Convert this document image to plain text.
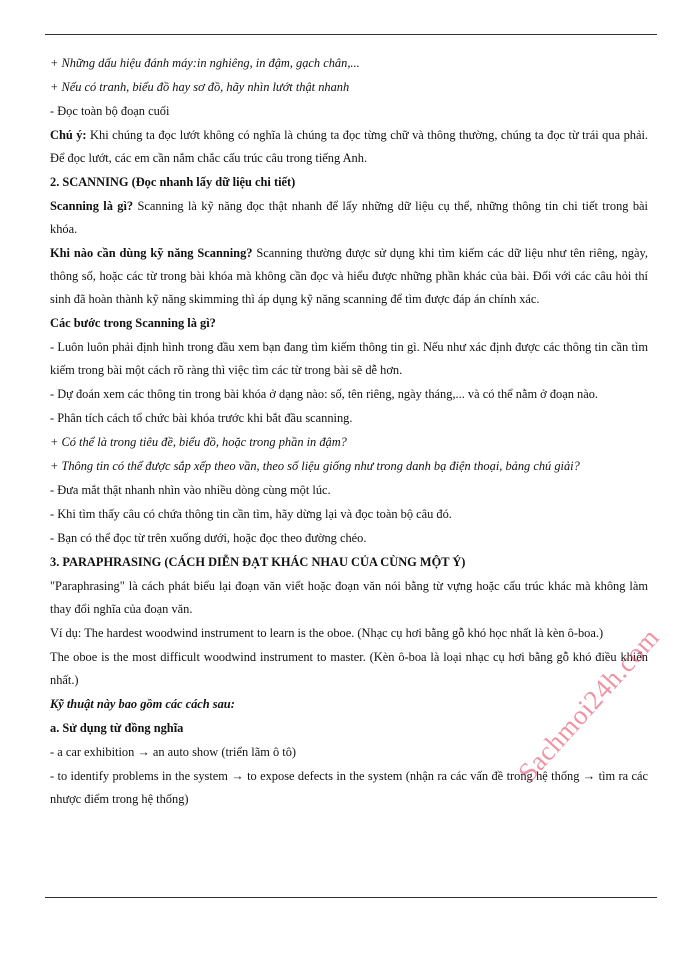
+ Những dấu hiệu đánh máy:in nghiêng, in đậm, gạch chân,...

+ Nếu có tranh, biểu đồ hay sơ đồ, hãy nhìn lướt thật nhanh

- Đọc toàn bộ đoạn cuối

Chú ý: Khi chúng ta đọc lướt không có nghĩa là chúng ta đọc từng chữ và thông thường, chúng ta đọc từ trái qua phải. Để đọc lướt, các em cần nắm chắc cấu trúc câu trong tiếng Anh.

2. SCANNING (Đọc nhanh lấy dữ liệu chi tiết)

Scanning là gì? Scanning là kỹ năng đọc thật nhanh để lấy những dữ liệu cụ thể, những thông tin chi tiết trong bài khóa.

Khi nào cần dùng kỹ năng Scanning? Scanning thường được sử dụng khi tìm kiếm các dữ liệu như tên riêng, ngày, thông số, hoặc các từ trong bài khóa mà không cần đọc và hiểu được những phần khác của bài. Đối với các câu hỏi thí sinh đã hoàn thành kỹ năng skimming thì áp dụng kỹ năng scanning để tìm được đáp án chính xác.

Các bước trong Scanning là gì?

- Luôn luôn phải định hình trong đầu xem bạn đang tìm kiếm thông tin gì. Nếu như xác định được các thông tin cần tìm kiếm trong bài một cách rõ ràng thì việc tìm các từ trong bài sẽ dễ hơn.

- Dự đoán xem các thông tin trong bài khóa ở dạng nào: số, tên riêng, ngày tháng,... và có thể nằm ở đoạn nào.

- Phân tích cách tổ chức bài khóa trước khi bắt đầu scanning.

+ Có thể là trong tiêu đề, biểu đồ, hoặc trong phần in đậm?

+ Thông tin có thể được sắp xếp theo vần, theo số liệu giống như trong danh bạ điện thoại, bảng chú giải?

- Đưa mắt thật nhanh nhìn vào nhiều dòng cùng một lúc.

- Khi tìm thấy câu có chứa thông tin cần tìm, hãy dừng lại và đọc toàn bộ câu đó.

- Bạn có thể đọc từ trên xuống dưới, hoặc đọc theo đường chéo.

3. PARAPHRASING (CÁCH DIỄN ĐẠT KHÁC NHAU CỦA CÙNG MỘT Ý)

"Paraphrasing" là cách phát biểu lại đoạn văn viết hoặc đoạn văn nói bằng từ vựng hoặc cấu trúc khác mà không làm thay đổi nghĩa của đoạn văn.

Ví dụ: The hardest woodwind instrument to learn is the oboe. (Nhạc cụ hơi bằng gỗ khó học nhất là kèn ô-boa.)

The oboe is the most difficult woodwind instrument to master. (Kèn ô-boa là loại nhạc cụ hơi bằng gỗ khó điều khiển nhất.)

Kỹ thuật này bao gồm các cách sau:

a. Sử dụng từ đồng nghĩa

- a car exhibition → an auto show (triển lãm ô tô)

- to identify problems in the system → to expose defects in the system (nhận ra các vấn đề trong hệ thống → tìm ra các nhược điểm trong hệ thống)

Sachmoi24h.com
